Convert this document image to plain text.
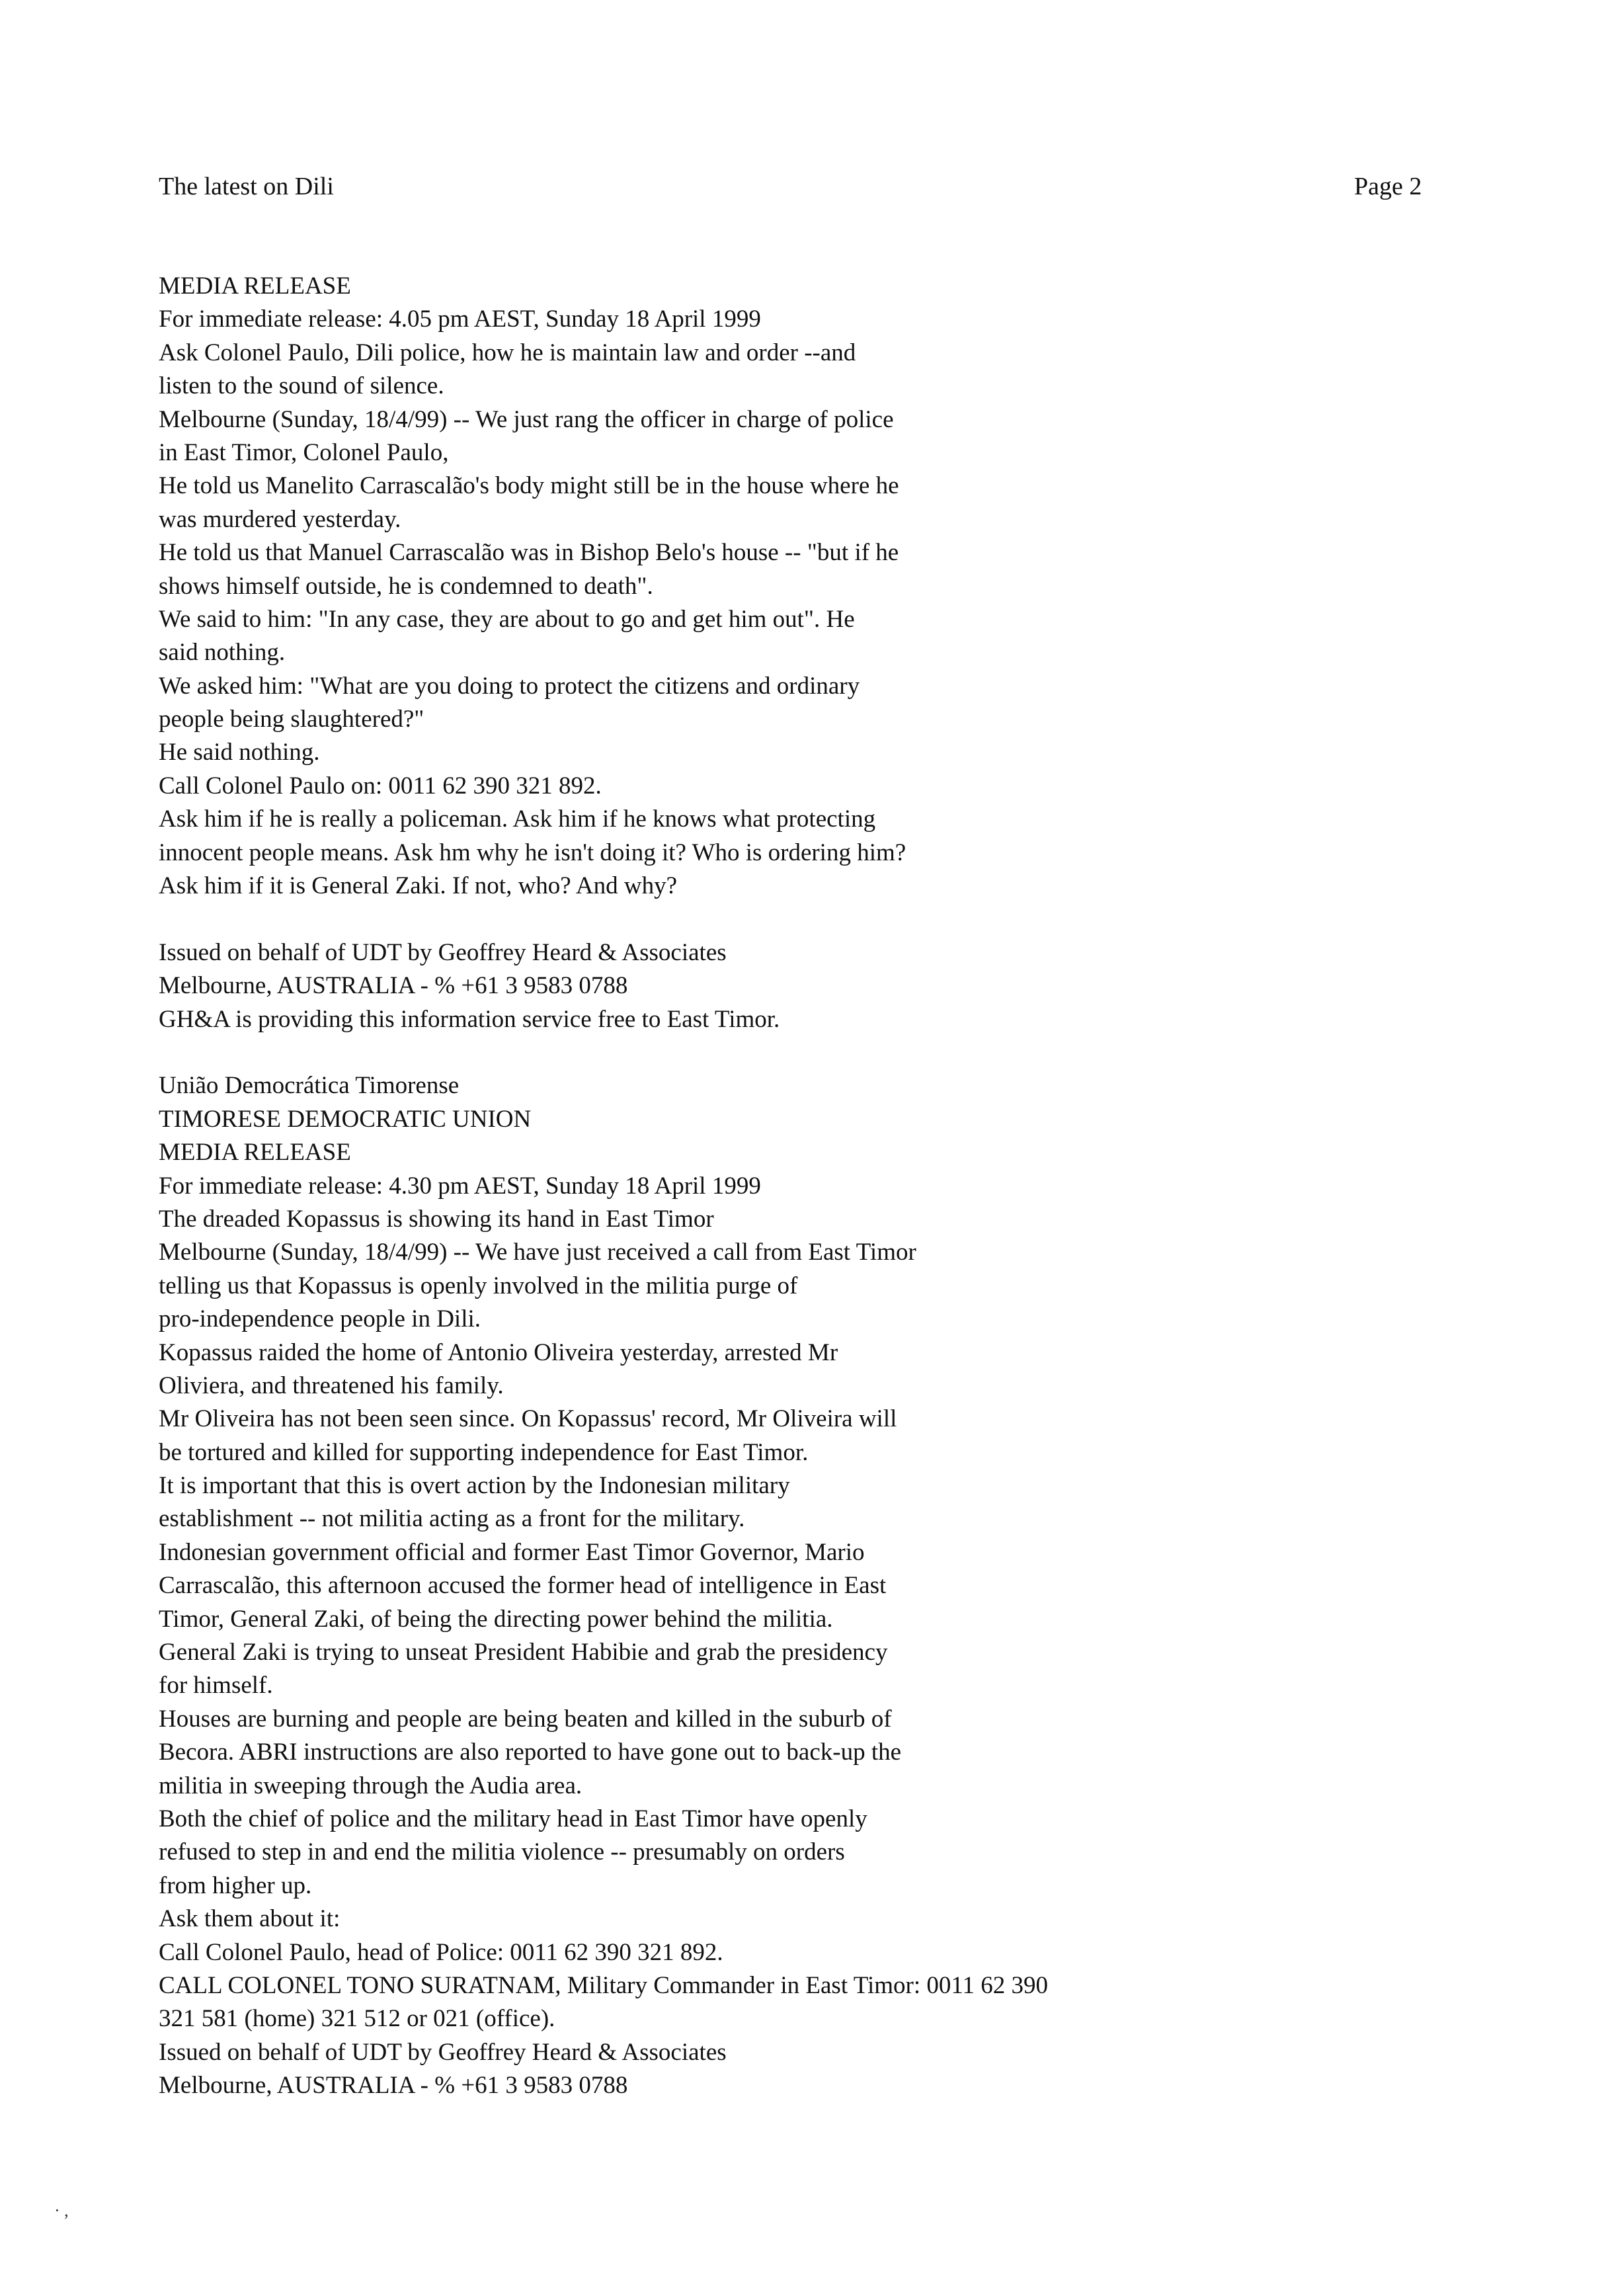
The latest on Dili	Page 2
MEDIA RELEASE
For immediate release: 4.05 pm AEST, Sunday 18 April 1999
Ask Colonel Paulo, Dili police, how he is maintain law and order --and
listen to the sound of silence.
Melbourne (Sunday, 18/4/99) -- We just rang the officer in charge of police
in East Timor, Colonel Paulo,
He told us Manelito Carrascalão's body might still be in the house where he
was murdered yesterday.
He told us that Manuel Carrascalão was in Bishop Belo's house -- "but if he
shows himself outside, he is condemned to death".
We said to him: "In any case, they are about to go and get him out". He
said nothing.
We asked him: "What are you doing to protect the citizens and ordinary
people being slaughtered?"
He said nothing.
Call Colonel Paulo on: 0011 62 390 321 892.
Ask him if he is really a policeman. Ask him if he knows what protecting
innocent people means. Ask hm why he isn't doing it? Who is ordering him?
Ask him if it is General Zaki. If not, who? And why?
Issued on behalf of UDT by Geoffrey Heard & Associates
Melbourne, AUSTRALIA - % +61 3 9583 0788
GH&A is providing this information service free to East Timor.
União Democrática Timorense
TIMORESE DEMOCRATIC UNION
MEDIA RELEASE
For immediate release: 4.30 pm AEST, Sunday 18 April 1999
The dreaded Kopassus is showing its hand in East Timor
Melbourne (Sunday, 18/4/99) -- We have just received a call from East Timor
telling us that Kopassus is openly involved in the militia purge of
pro-independence people in Dili.
Kopassus raided the home of Antonio Oliveira yesterday, arrested Mr
Oliviera, and threatened his family.
Mr Oliveira has not been seen since. On Kopassus' record, Mr Oliveira will
be tortured and killed for supporting independence for East Timor.
It is important that this is overt action by the Indonesian military
establishment -- not militia acting as a front for the military.
Indonesian government official and former East Timor Governor, Mario
Carrascalão, this afternoon accused the former head of intelligence in East
Timor, General Zaki, of being the directing power behind the militia.
General Zaki is trying to unseat President Habibie and grab the presidency
for himself.
Houses are burning and people are being beaten and killed in the suburb of
Becora. ABRI instructions are also reported to have gone out to back-up the
militia in sweeping through the Audia area.
Both the chief of police and the military head in East Timor have openly
refused to step in and end the militia violence -- presumably on orders
from higher up.
Ask them about it:
Call Colonel Paulo, head of Police: 0011 62 390 321 892.
CALL COLONEL TONO SURATNAM, Military Commander in East Timor: 0011 62 390
321 581 (home) 321 512 or 021 (office).
Issued on behalf of UDT by Geoffrey Heard & Associates
Melbourne, AUSTRALIA - % +61 3 9583 0788
· ,
